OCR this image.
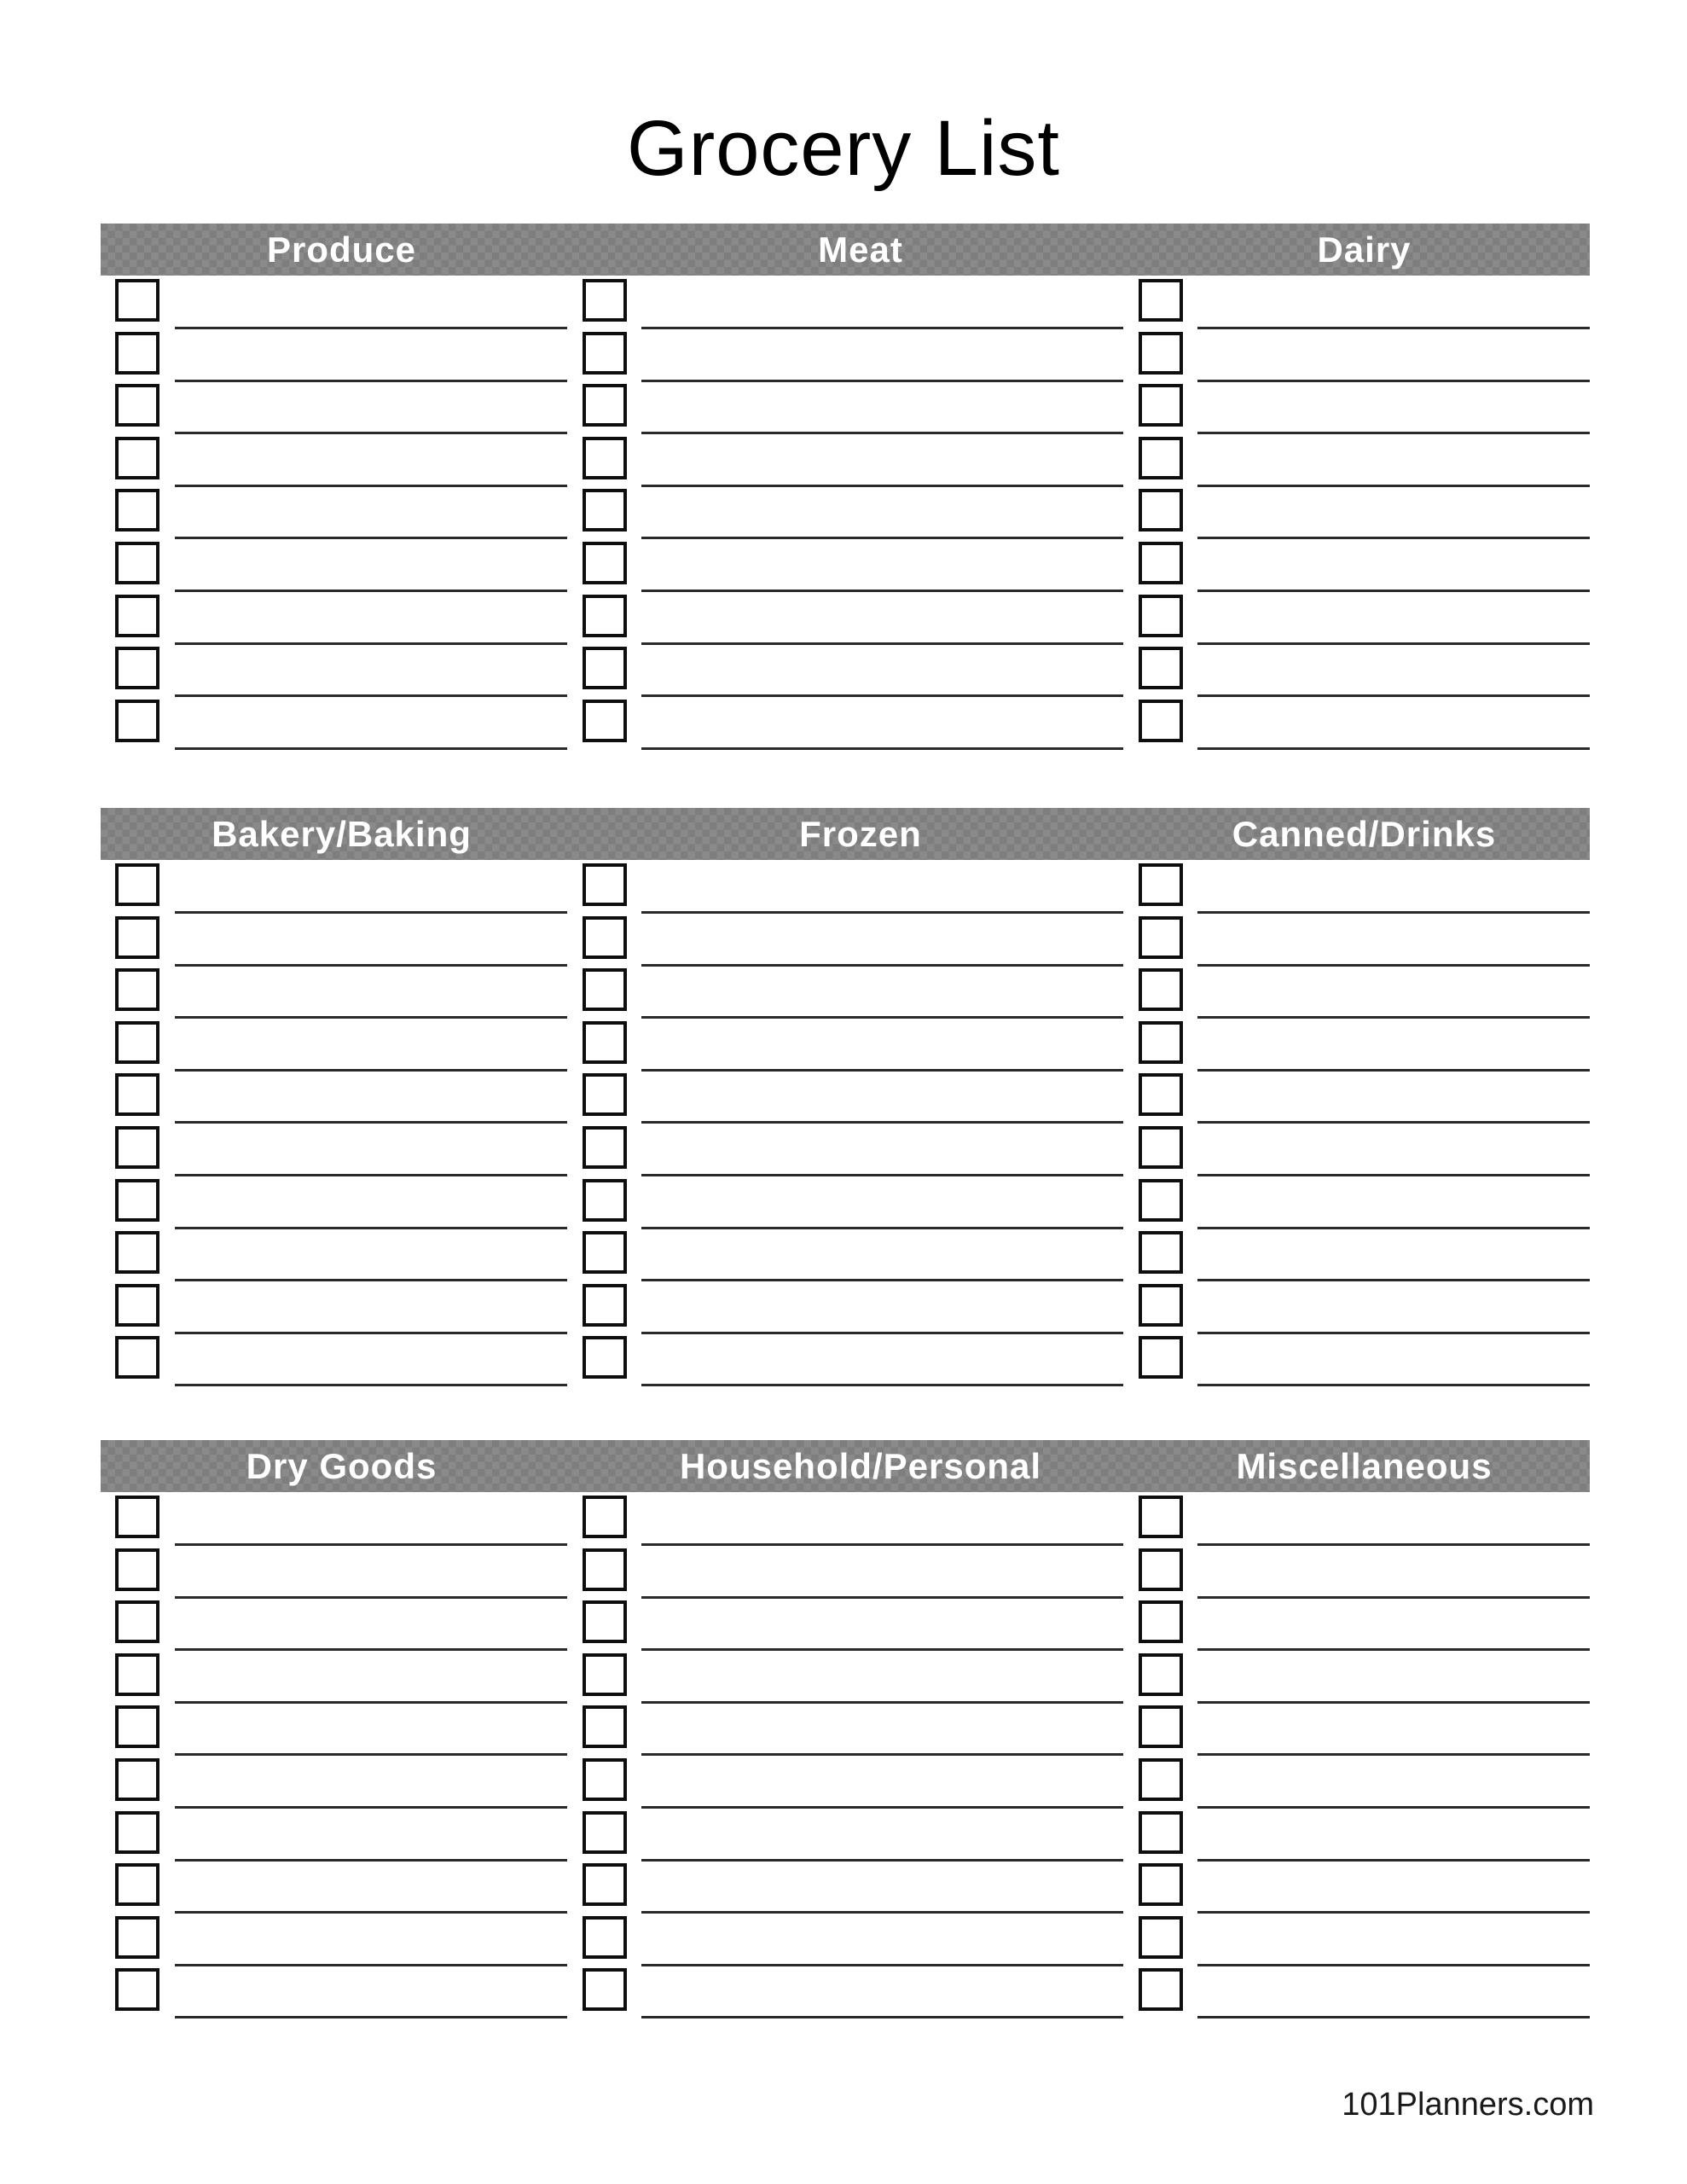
Grocery List
Produce	Meat	Dairy
Bakery/Baking	Frozen	Canned/Drinks
Dry Goods	Household/Personal	Miscellaneous
101Planners.com
